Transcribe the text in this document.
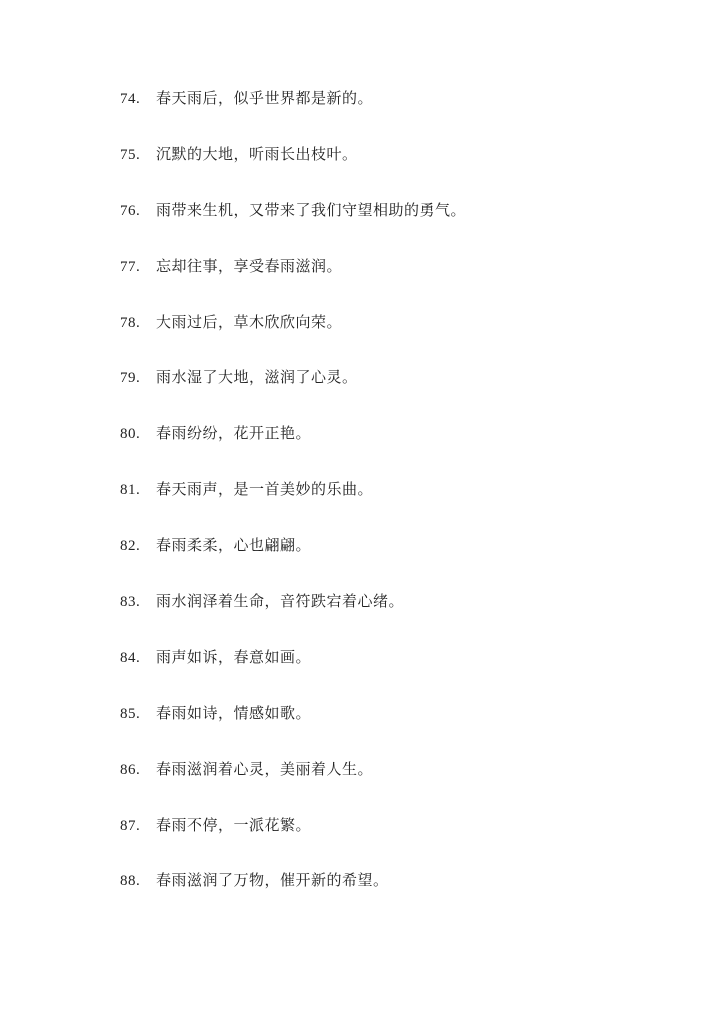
74. 春天雨后，似乎世界都是新的。
75. 沉默的大地，听雨长出枝叶。
76. 雨带来生机，又带来了我们守望相助的勇气。
77. 忘却往事，享受春雨滋润。
78. 大雨过后，草木欣欣向荣。
79. 雨水湿了大地，滋润了心灵。
80. 春雨纷纷，花开正艳。
81. 春天雨声，是一首美妙的乐曲。
82. 春雨柔柔，心也翩翩。
83. 雨水润泽着生命，音符跌宕着心绪。
84. 雨声如诉，春意如画。
85. 春雨如诗，情感如歌。
86. 春雨滋润着心灵，美丽着人生。
87. 春雨不停，一派花繁。
88. 春雨滋润了万物，催开新的希望。
